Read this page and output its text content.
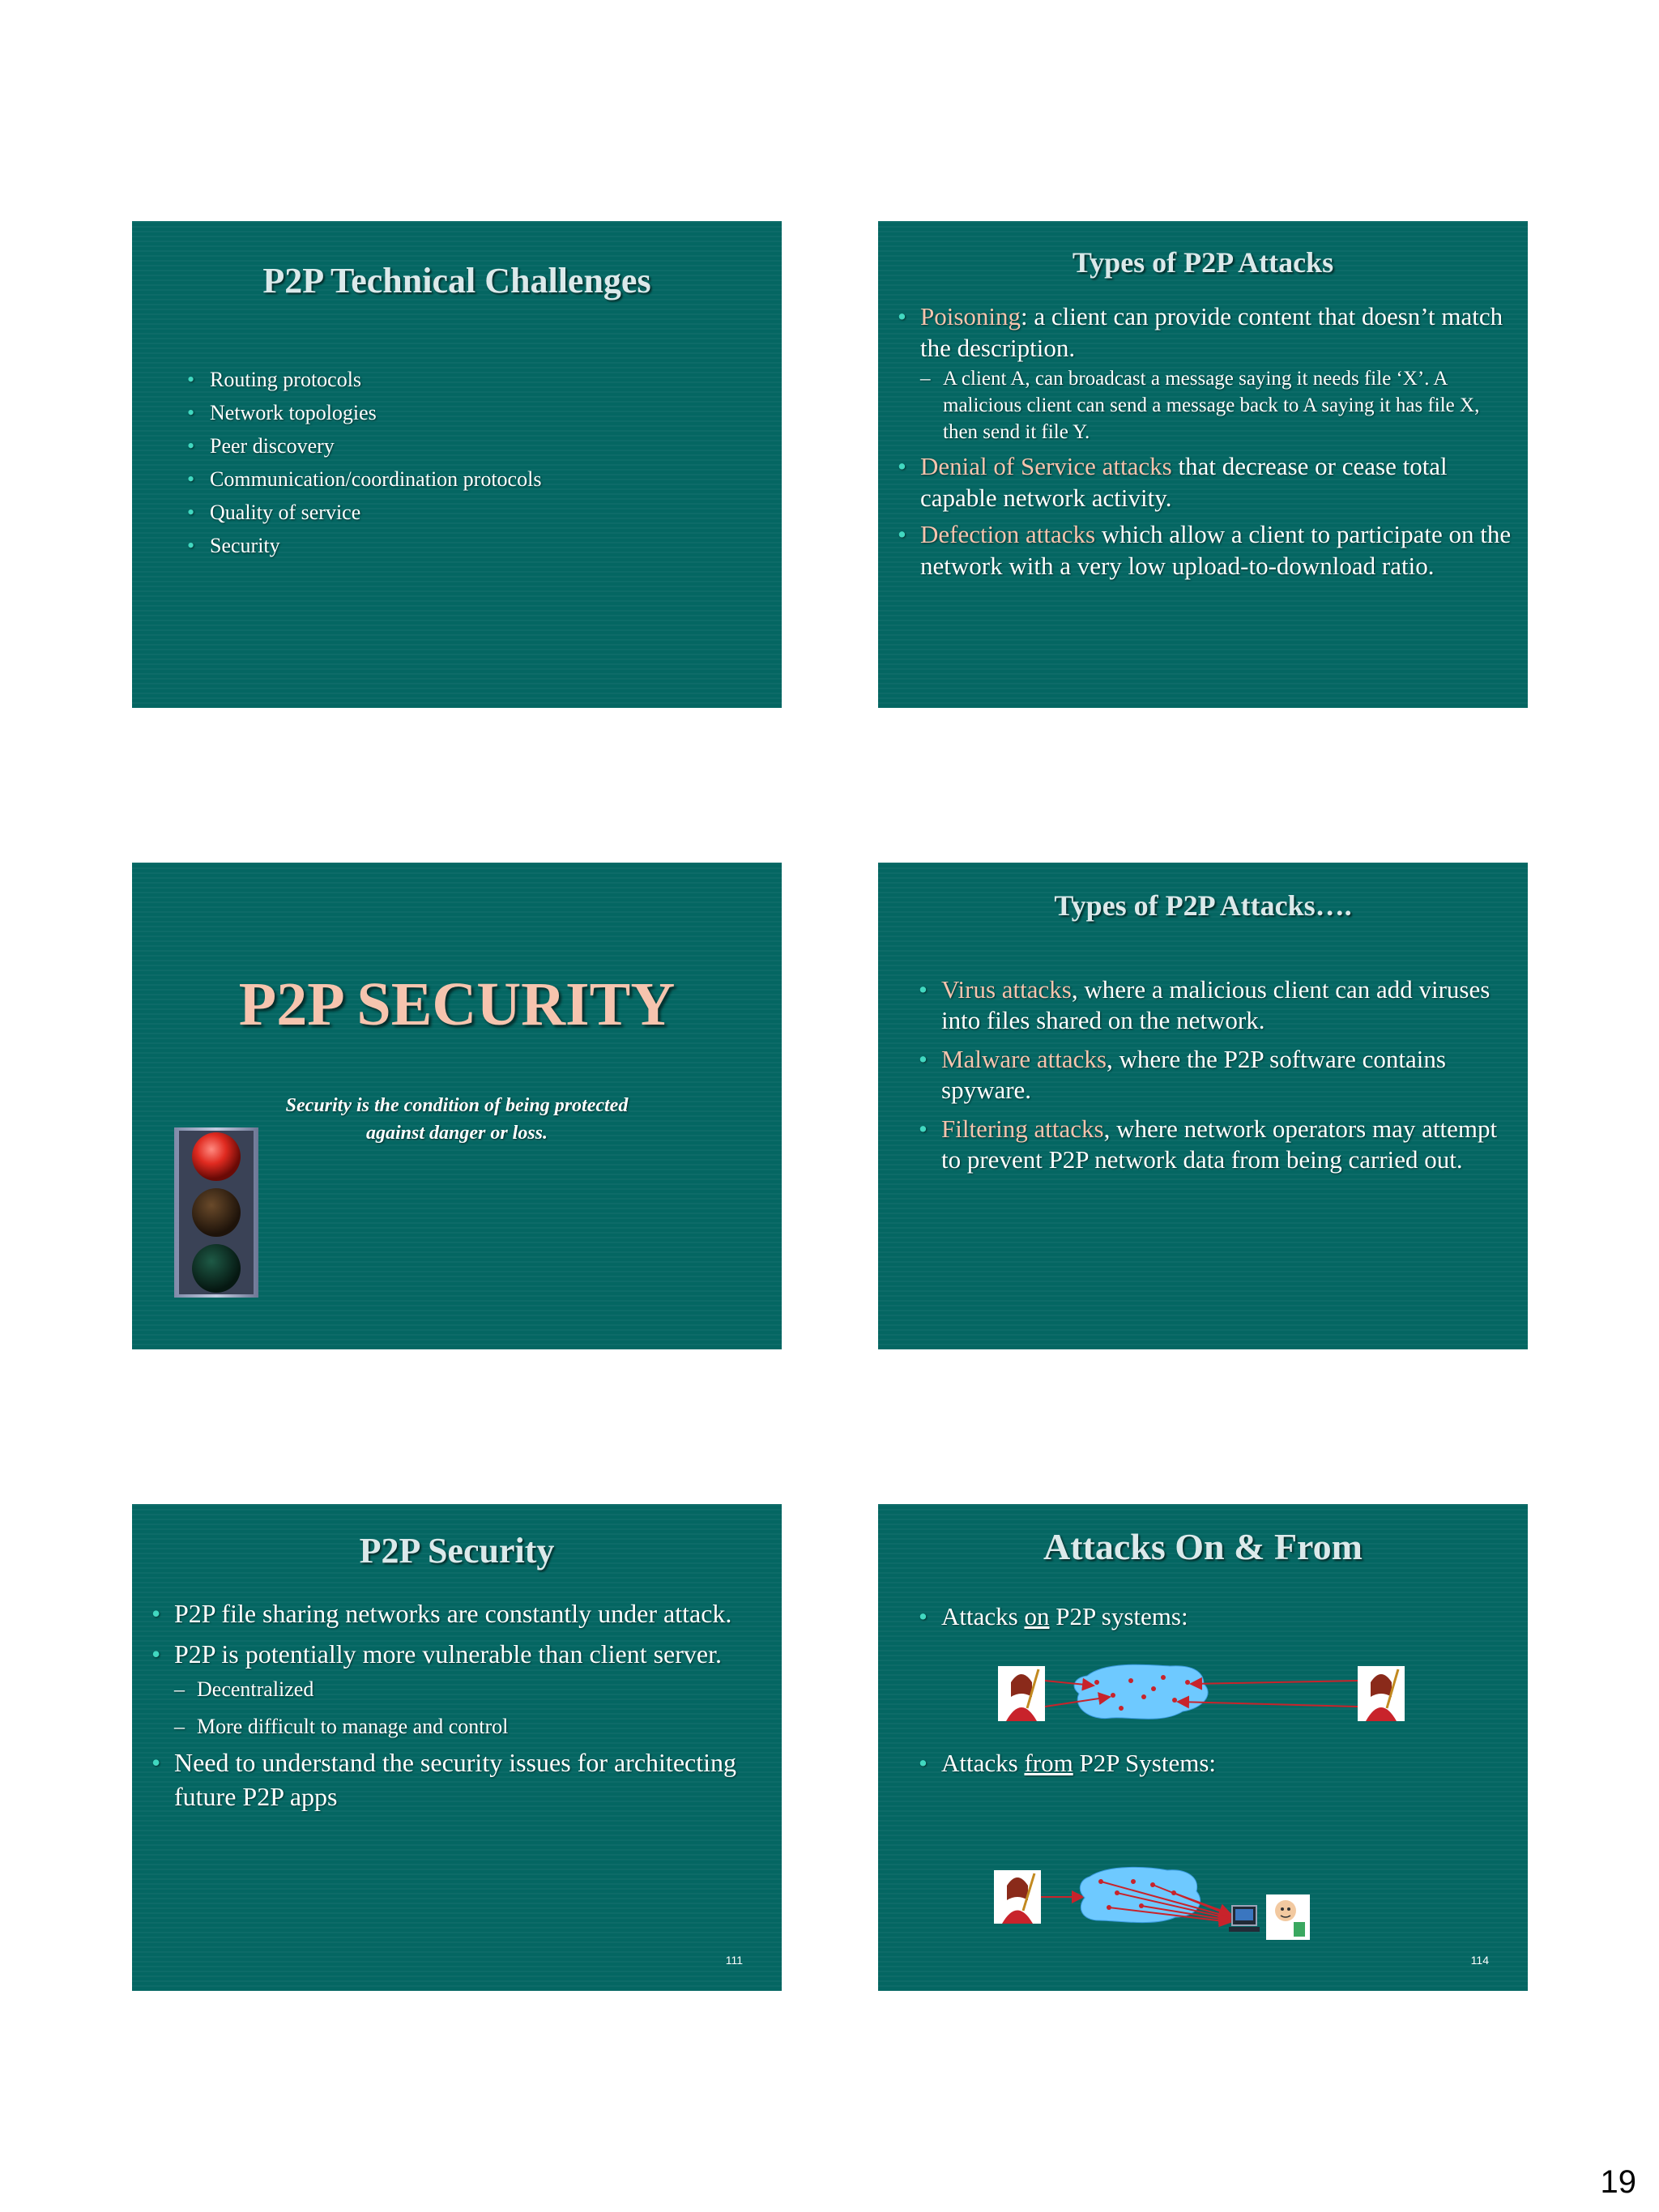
P2P Technical Challenges
• Routing protocols
• Network topologies
• Peer discovery
• Communication/coordination protocols
• Quality of service
• Security
Types of P2P Attacks
• Poisoning: a client can provide content that doesn’t match the description.
– A client A, can broadcast a message saying it needs file ‘X’. A malicious client can send a message back to A saying it has file X, then send it file Y.
• Denial of Service attacks that decrease or cease total capable network activity.
• Defection attacks which allow a client to participate on the network with a very low upload-to-download ratio.
P2P SECURITY
Security is the condition of being protected
against danger or loss.
Types of P2P Attacks….
• Virus attacks, where a malicious client can add viruses into files shared on the network.
• Malware attacks, where the P2P software contains spyware.
• Filtering attacks, where network operators may attempt to prevent P2P network data from being carried out.
P2P Security
• P2P file sharing networks are constantly under attack.
• P2P is potentially more vulnerable than client server.
– Decentralized
– More difficult to manage and control
• Need to understand the security issues for architecting future P2P apps
111
Attacks On & From
• Attacks on P2P systems:
• Attacks from P2P Systems:
114
19
